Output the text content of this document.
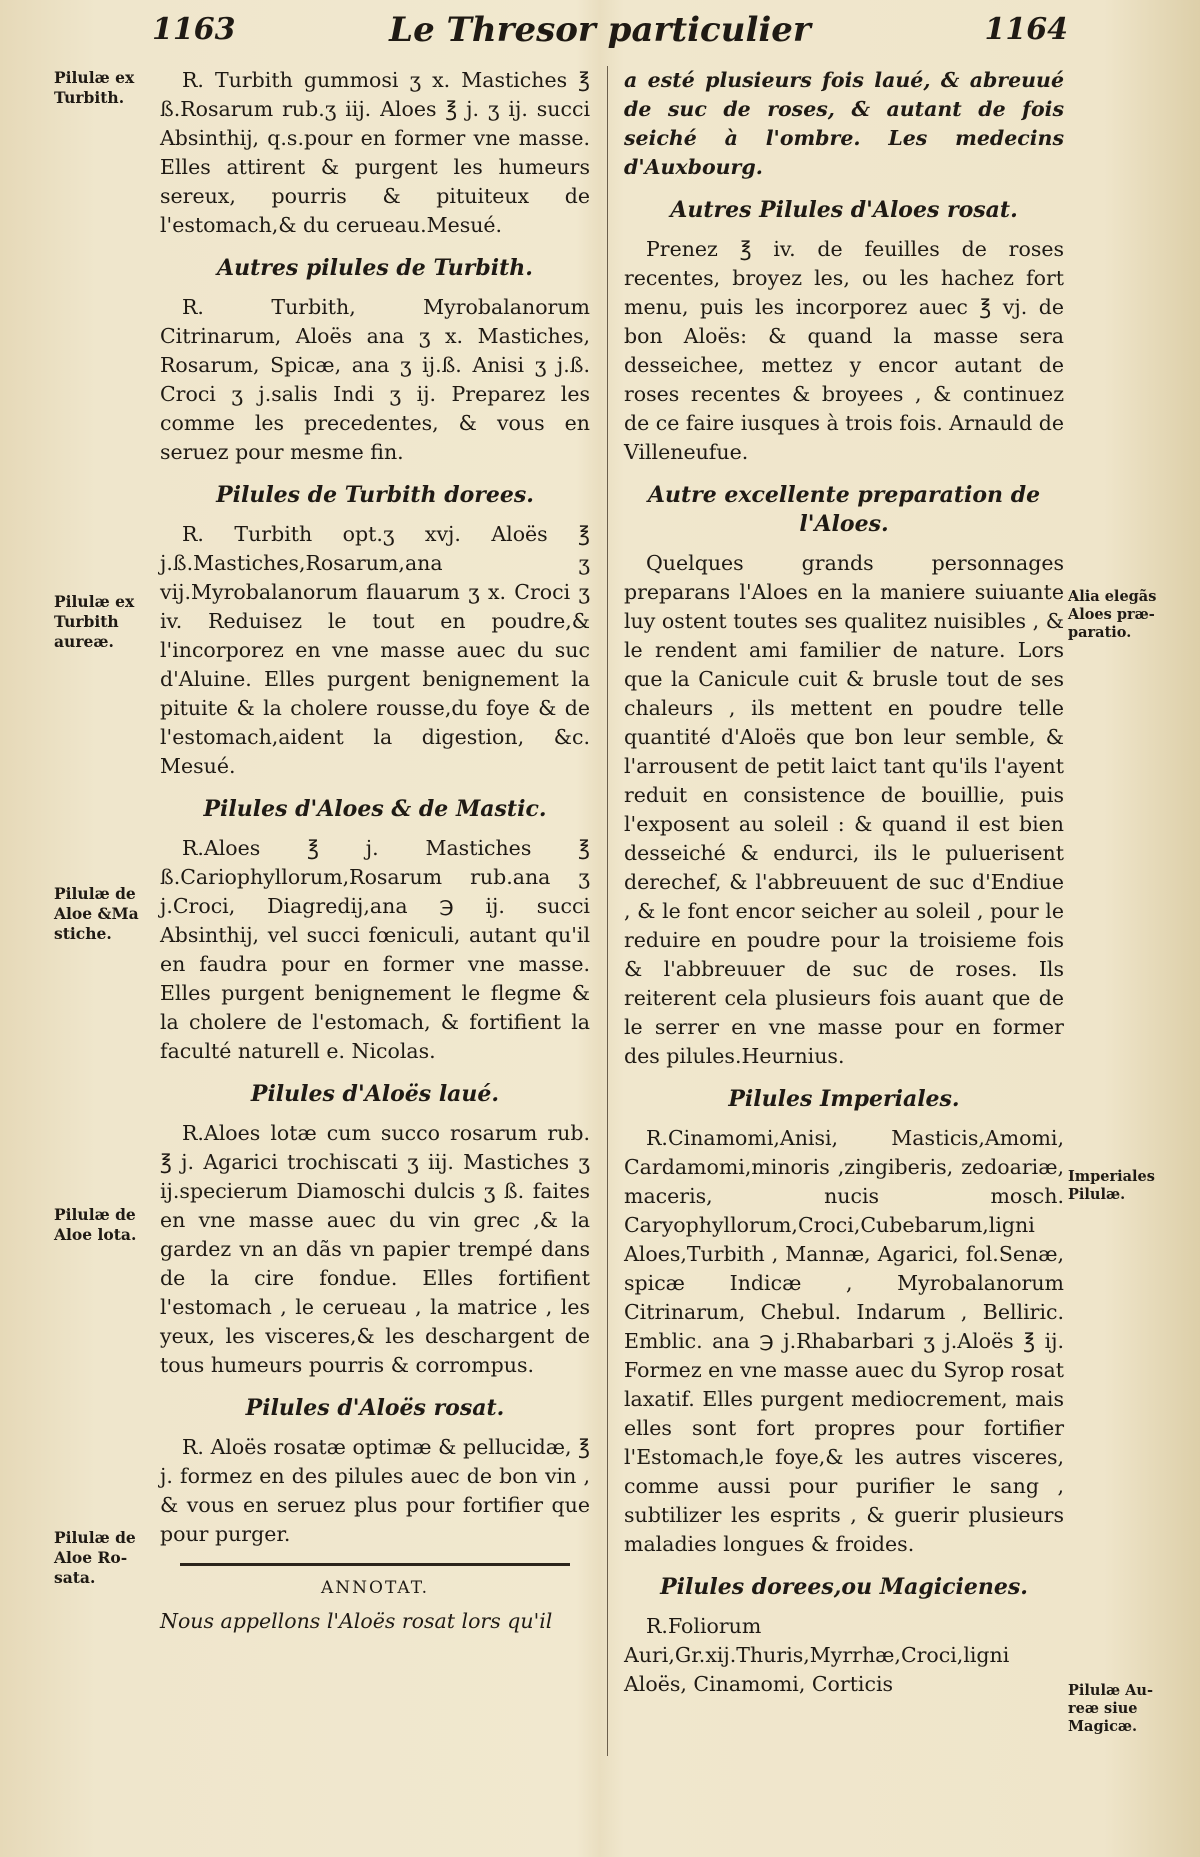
1163	Le Thresor particulier	1164

R. Turbith gummosi ʒ x. Mastiches ℥ ß.Rosarum rub.ʒ iij. Aloes ℥ j. ʒ ij. succi Absinthij, q.s.pour en former vne masse. Elles attirent & purgent les humeurs sereux, pourris & pituiteux de l'estomach,& du cerueau.Mesué.

Autres pilules de Turbith.

R. Turbith, Myrobalanorum Citrinarum, Aloës ana ʒ x. Mastiches, Rosarum, Spicæ, ana ʒ ij.ß. Anisi ʒ j.ß. Croci ʒ j.salis Indi ʒ ij. Preparez les comme les precedentes, & vous en seruez pour mesme fin.

Pilules de Turbith dorees.

R. Turbith opt.ʒ xvj. Aloës ℥ j.ß.Mastiches,Rosarum,ana ʒ vij.Myrobalanorum flauarum ʒ x. Croci ʒ iv. Reduisez le tout en poudre,& l'incorporez en vne masse auec du suc d'Aluine. Elles purgent benignement la pituite & la cholere rousse,du foye & de l'estomach,aident la digestion, &c. Mesué.

Pilules d'Aloes & de Mastic.

R.Aloes ℥ j. Mastiches ℥ ß.Cariophyllorum,Rosarum rub.ana ʒ j.Croci, Diagredij,ana ℈ ij. succi Absinthij, vel succi fœniculi, autant qu'il en faudra pour en former vne masse. Elles purgent benignement le flegme & la cholere de l'estomach, & fortifient la faculté naturell e. Nicolas.

Pilules d'Aloës laué.

R.Aloes lotæ cum succo rosarum rub. ℥ j. Agarici trochiscati ʒ iij. Mastiches ʒ ij.specierum Diamoschi dulcis ʒ ß. faites en vne masse auec du vin grec ,& la gardez vn an dãs vn papier trempé dans de la cire fondue. Elles fortifient l'estomach , le cerueau , la matrice , les yeux, les visceres,& les deschargent de tous humeurs pourris & corrompus.

Pilules d'Aloës rosat.

R. Aloës rosatæ optimæ & pellucidæ, ℥ j. formez en des pilules auec de bon vin , & vous en seruez plus pour fortifier que pour purger.

ANNOTAT.

Nous appellons l'Aloës rosat lors qu'il

a esté plusieurs fois laué, & abreuué de suc de roses, & autant de fois seiché à l'ombre. Les medecins d'Auxbourg.

Autres Pilules d'Aloes rosat.

Prenez ℥ iv. de feuilles de roses recentes, broyez les, ou les hachez fort menu, puis les incorporez auec ℥ vj. de bon Aloës: & quand la masse sera desseichee, mettez y encor autant de roses recentes & broyees , & continuez de ce faire iusques à trois fois. Arnauld de Villeneufue.

Autre excellente preparation de l'Aloes.

Quelques grands personnages preparans l'Aloes en la maniere suiuante luy ostent toutes ses qualitez nuisibles , & le rendent ami familier de nature. Lors que la Canicule cuit & brusle tout de ses chaleurs , ils mettent en poudre telle quantité d'Aloës que bon leur semble, & l'arrousent de petit laict tant qu'ils l'ayent reduit en consistence de bouillie, puis l'exposent au soleil : & quand il est bien desseiché & endurci, ils le puluerisent derechef, & l'abbreuuent de suc d'Endiue , & le font encor seicher au soleil , pour le reduire en poudre pour la troisieme fois & l'abbreuuer de suc de roses. Ils reiterent cela plusieurs fois auant que de le serrer en vne masse pour en former des pilules.Heurnius.

Pilules Imperiales.

R.Cinamomi,Anisi, Masticis,Amomi, Cardamomi,minoris ,zingiberis, zedoariæ, maceris, nucis mosch. Caryophyllorum,Croci,Cubebarum,ligni Aloes,Turbith , Mannæ, Agarici, fol.Senæ, spicæ Indicæ , Myrobalanorum Citrinarum, Chebul. Indarum , Belliric. Emblic. ana ℈ j.Rhabarbari ʒ j.Aloës ℥ ij. Formez en vne masse auec du Syrop rosat laxatif. Elles purgent mediocrement, mais elles sont fort propres pour fortifier l'Estomach,le foye,& les autres visceres, comme aussi pour purifier le sang , subtilizer les esprits , & guerir plusieurs maladies longues & froides.

Pilules dorees,ou Magicienes.

R.Foliorum Auri,Gr.xij.Thuris,Myrrhæ,Croci,ligni Aloës, Cinamomi, Corticis

Pilulæ ex Turbith.
Pilulæ ex Turbith aureæ.
Pilulæ de Aloe &Ma stiche.
Pilulæ de Aloe lota.
Pilulæ de Aloe Ro- sata.
Alia elegãs Aloes præ- paratio.
Imperiales Pilulæ.
Pilulæ Au- reæ siue Magicæ.
